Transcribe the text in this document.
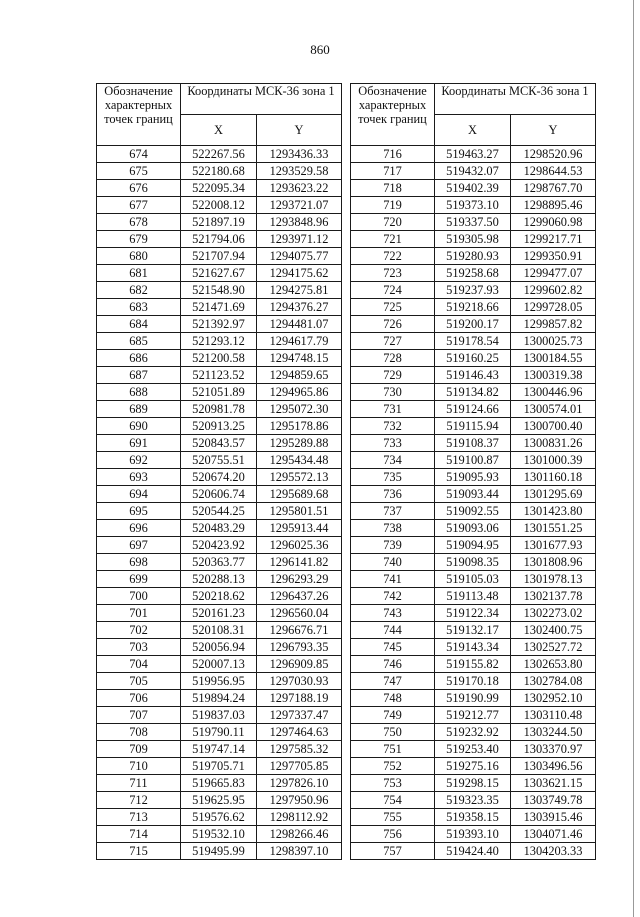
860
Обозначение характерных точек границ	Координаты МСК-36 зона 1	
	X	Y
674	522267.56	1293436.33
675	522180.68	1293529.58
676	522095.34	1293623.22
677	522008.12	1293721.07
678	521897.19	1293848.96
679	521794.06	1293971.12
680	521707.94	1294075.77
681	521627.67	1294175.62
682	521548.90	1294275.81
683	521471.69	1294376.27
684	521392.97	1294481.07
685	521293.12	1294617.79
686	521200.58	1294748.15
687	521123.52	1294859.65
688	521051.89	1294965.86
689	520981.78	1295072.30
690	520913.25	1295178.86
691	520843.57	1295289.88
692	520755.51	1295434.48
693	520674.20	1295572.13
694	520606.74	1295689.68
695	520544.25	1295801.51
696	520483.29	1295913.44
697	520423.92	1296025.36
698	520363.77	1296141.82
699	520288.13	1296293.29
700	520218.62	1296437.26
701	520161.23	1296560.04
702	520108.31	1296676.71
703	520056.94	1296793.35
704	520007.13	1296909.85
705	519956.95	1297030.93
706	519894.24	1297188.19
707	519837.03	1297337.47
708	519790.11	1297464.63
709	519747.14	1297585.32
710	519705.71	1297705.85
711	519665.83	1297826.10
712	519625.95	1297950.96
713	519576.62	1298112.92
714	519532.10	1298266.46
715	519495.99	1298397.10
Обозначение характерных точек границ	Координаты МСК-36 зона 1	
	X	Y
716	519463.27	1298520.96
717	519432.07	1298644.53
718	519402.39	1298767.70
719	519373.10	1298895.46
720	519337.50	1299060.98
721	519305.98	1299217.71
722	519280.93	1299350.91
723	519258.68	1299477.07
724	519237.93	1299602.82
725	519218.66	1299728.05
726	519200.17	1299857.82
727	519178.54	1300025.73
728	519160.25	1300184.55
729	519146.43	1300319.38
730	519134.82	1300446.96
731	519124.66	1300574.01
732	519115.94	1300700.40
733	519108.37	1300831.26
734	519100.87	1301000.39
735	519095.93	1301160.18
736	519093.44	1301295.69
737	519092.55	1301423.80
738	519093.06	1301551.25
739	519094.95	1301677.93
740	519098.35	1301808.96
741	519105.03	1301978.13
742	519113.48	1302137.78
743	519122.34	1302273.02
744	519132.17	1302400.75
745	519143.34	1302527.72
746	519155.82	1302653.80
747	519170.18	1302784.08
748	519190.99	1302952.10
749	519212.77	1303110.48
750	519232.92	1303244.50
751	519253.40	1303370.97
752	519275.16	1303496.56
753	519298.15	1303621.15
754	519323.35	1303749.78
755	519358.15	1303915.46
756	519393.10	1304071.46
757	519424.40	1304203.33
